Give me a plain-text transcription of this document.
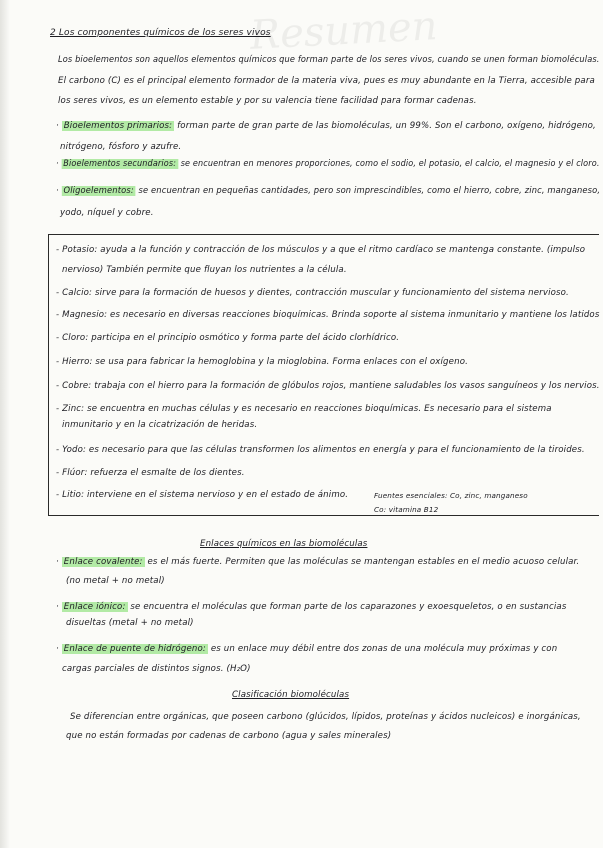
Resumen
2 Los componentes químicos de los seres vivos
Los bioelementos son aquellos elementos químicos que forman parte de los seres vivos, cuando se unen forman biomoléculas.
El carbono (C) es el principal elemento formador de la materia viva, pues es muy abundante en la Tierra, accesible para
los seres vivos, es un elemento estable y por su valencia tiene facilidad para formar cadenas.
· Bioelementos primarios: forman parte de gran parte de las biomoléculas, un 99%. Son el carbono, oxígeno, hidrógeno,
nitrógeno, fósforo y azufre.
· Bioelementos secundarios: se encuentran en menores proporciones, como el sodio, el potasio, el calcio, el magnesio y el cloro.
· Oligoelementos: se encuentran en pequeñas cantidades, pero son imprescindibles, como el hierro, cobre, zinc, manganeso,
yodo, níquel y cobre.
- Potasio: ayuda a la función y contracción de los músculos y a que el ritmo cardíaco se mantenga constante. (impulso
nervioso) También permite que fluyan los nutrientes a la célula.
- Calcio: sirve para la formación de huesos y dientes, contracción muscular y funcionamiento del sistema nervioso.
- Magnesio: es necesario en diversas reacciones bioquímicas. Brinda soporte al sistema inmunitario y mantiene los latidos
- Cloro: participa en el principio osmótico y forma parte del ácido clorhídrico.
- Hierro: se usa para fabricar la hemoglobina y la mioglobina. Forma enlaces con el oxígeno.
- Cobre: trabaja con el hierro para la formación de glóbulos rojos, mantiene saludables los vasos sanguíneos y los nervios.
- Zinc: se encuentra en muchas células y es necesario en reacciones bioquímicas. Es necesario para el sistema
inmunitario y en la cicatrización de heridas.
- Yodo: es necesario para que las células transformen los alimentos en energía y para el funcionamiento de la tiroides.
- Flúor: refuerza el esmalte de los dientes.
- Litio: interviene en el sistema nervioso y en el estado de ánimo.	Fuentes esenciales: Co, zinc, manganeso
Co: vitamina B12
Enlaces químicos en las biomoléculas
· Enlace covalente: es el más fuerte. Permiten que las moléculas se mantengan estables en el medio acuoso celular.
(no metal + no metal)
· Enlace iónico: se encuentra el moléculas que forman parte de los caparazones y exoesqueletos, o en sustancias
disueltas (metal + no metal)
· Enlace de puente de hidrógeno: es un enlace muy débil entre dos zonas de una molécula muy próximas y con
cargas parciales de distintos signos. (H₂O)
Clasificación biomoléculas
Se diferencian entre orgánicas, que poseen carbono (glúcidos, lípidos, proteínas y ácidos nucleicos) e inorgánicas,
que no están formadas por cadenas de carbono (agua y sales minerales)
